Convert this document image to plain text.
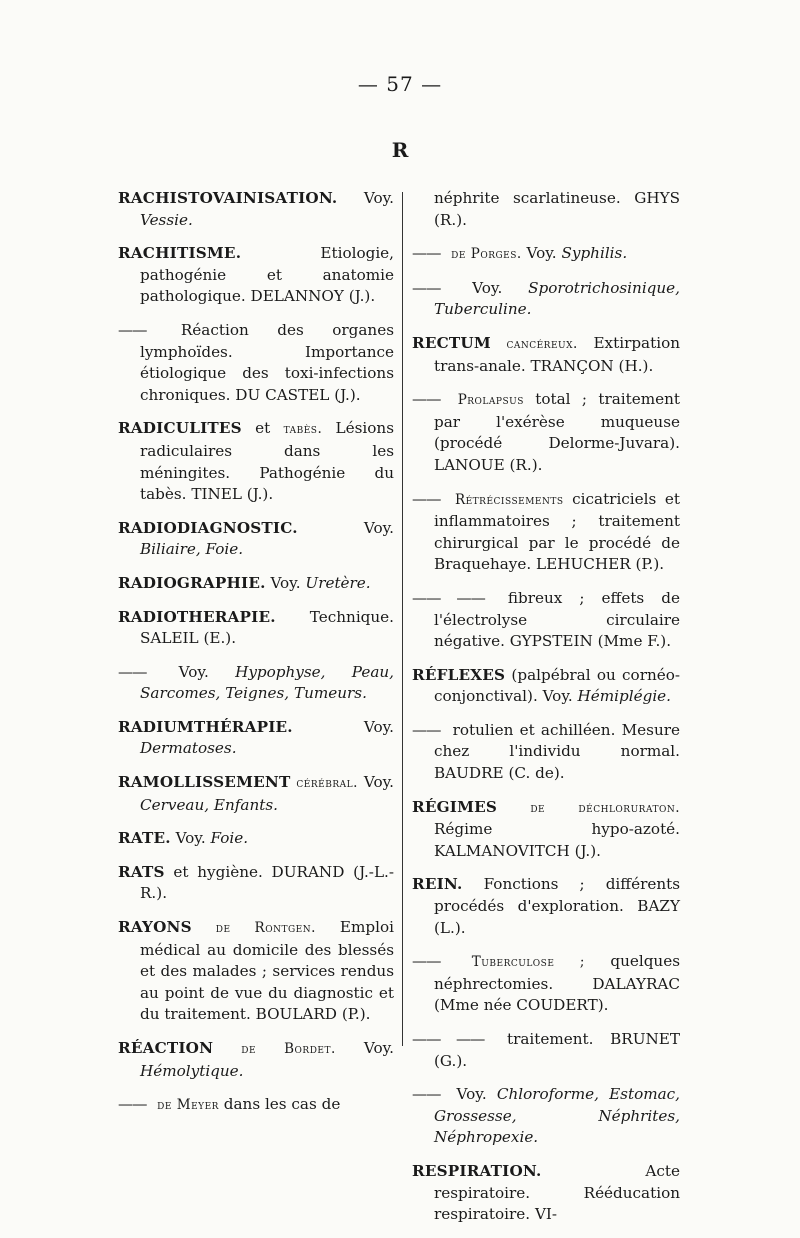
— 57 —
R
RACHISTOVAINISATION. Voy. Vessie.
RACHITISME. Etiologie, pathogénie et anatomie pathologique. DELANNOY (J.).
—— Réaction des organes lymphoïdes. Importance étiologique des toxi-infections chroniques. DU CASTEL (J.).
RADICULITES et tabès. Lésions radiculaires dans les méningites. Pathogénie du tabès. TINEL (J.).
RADIODIAGNOSTIC. Voy. Biliaire, Foie.
RADIOGRAPHIE. Voy. Uretère.
RADIOTHERAPIE. Technique. SALEIL (E.).
—— Voy. Hypophyse, Peau, Sarcomes, Teignes, Tumeurs.
RADIUMTHÉRAPIE. Voy. Dermatoses.
RAMOLLISSEMENT cérébral. Voy. Cerveau, Enfants.
RATE. Voy. Foie.
RATS et hygiène. DURAND (J.-L.-R.).
RAYONS de Rontgen. Emploi médical au domicile des blessés et des malades ; services rendus au point de vue du diagnostic et du traitement. BOULARD (P.).
RÉACTION de Bordet. Voy. Hémolytique.
—— de Meyer dans les cas de
néphrite scarlatineuse. GHYS (R.).
—— de Porges. Voy. Syphilis.
—— Voy. Sporotrichosinique, Tuberculine.
RECTUM cancéreux. Extirpation trans-anale. TRANÇON (H.).
—— Prolapsus total ; traitement par l'exérèse muqueuse (procédé Delorme-Juvara). LANOUE (R.).
—— Rétrécissements cicatriciels et inflammatoires ; traitement chirurgical par le procédé de Braquehaye. LEHUCHER (P.).
—— —— fibreux ; effets de l'électrolyse circulaire négative. GYPSTEIN (Mme F.).
RÉFLEXES (palpébral ou cornéo-conjonctival). Voy. Hémiplégie.
—— rotulien et achilléen. Mesure chez l'individu normal. BAUDRE (C. de).
RÉGIMES de déchloruraton. Régime hypo-azoté. KALMANOVITCH (J.).
REIN. Fonctions ; différents procédés d'exploration. BAZY (L.).
—— Tuberculose ; quelques néphrectomies. DALAYRAC (Mme née COUDERT).
—— —— traitement. BRUNET (G.).
—— Voy. Chloroforme, Estomac, Grossesse, Néphrites, Néphropexie.
RESPIRATION. Acte respiratoire. Rééducation respiratoire. VI-
